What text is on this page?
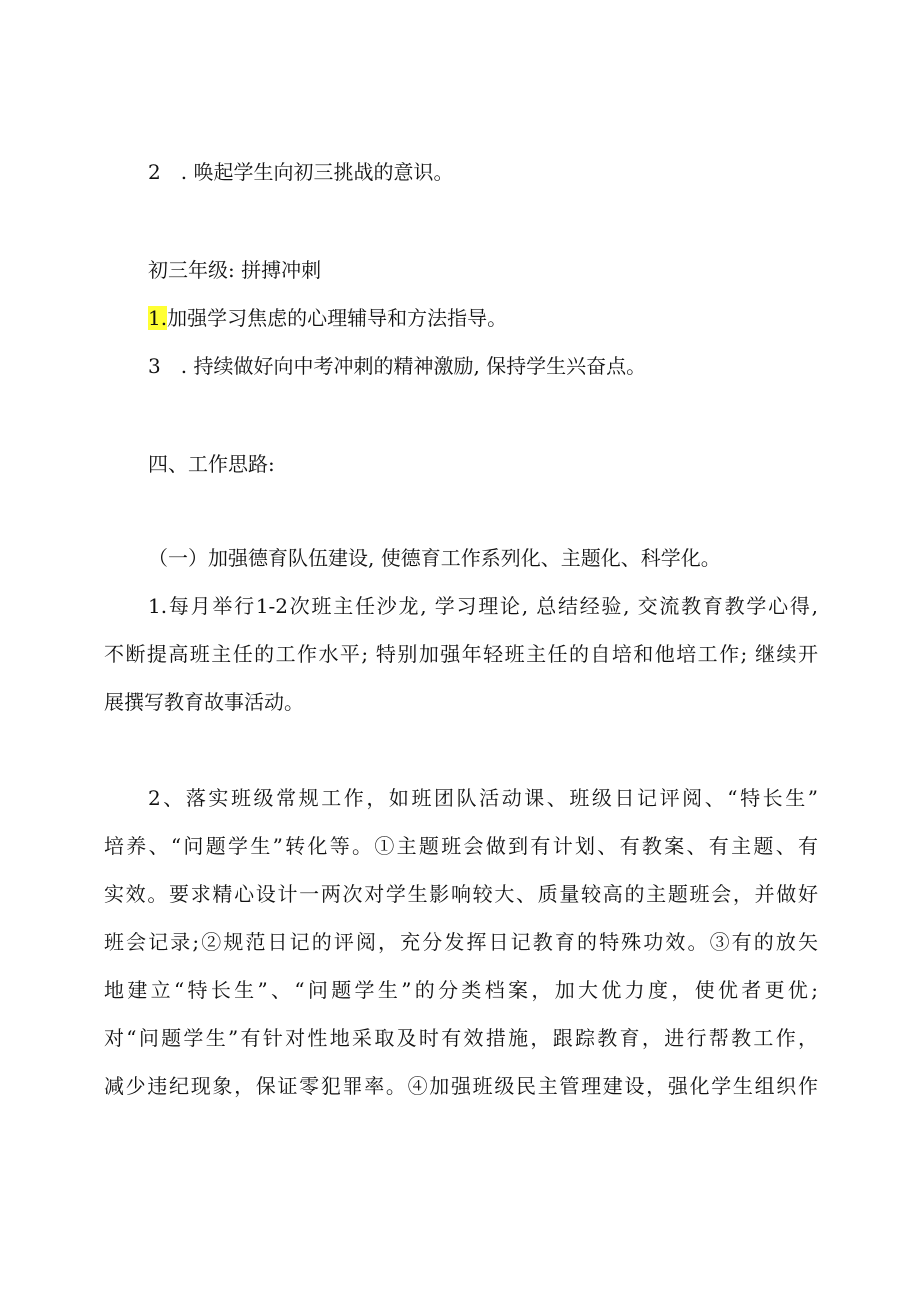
2　. 唤起学生向初三挑战的意识。
初三年级: 拼搏冲刺
1.加强学习焦虑的心理辅导和方法指导。
3　. 持续做好向中考冲刺的精神激励, 保持学生兴奋点。
四、工作思路:
（一）加强德育队伍建设, 使德育工作系列化、主题化、科学化。
1.每月举行1-2次班主任沙龙, 学习理论, 总结经验, 交流教育教学心得,
不断提高班主任的工作水平; 特别加强年轻班主任的自培和他培工作; 继续开
展撰写教育故事活动。
2、落实班级常规工作，如班团队活动课、班级日记评阅、“特长生”
培养、“问题学生”转化等。①主题班会做到有计划、有教案、有主题、有
实效。要求精心设计一两次对学生影响较大、质量较高的主题班会，并做好
班会记录;②规范日记的评阅，充分发挥日记教育的特殊功效。③有的放矢
地建立“特长生”、“问题学生”的分类档案，加大优力度，使优者更优;
对“问题学生”有针对性地采取及时有效措施，跟踪教育，进行帮教工作，
减少违纪现象，保证零犯罪率。④加强班级民主管理建设，强化学生组织作
